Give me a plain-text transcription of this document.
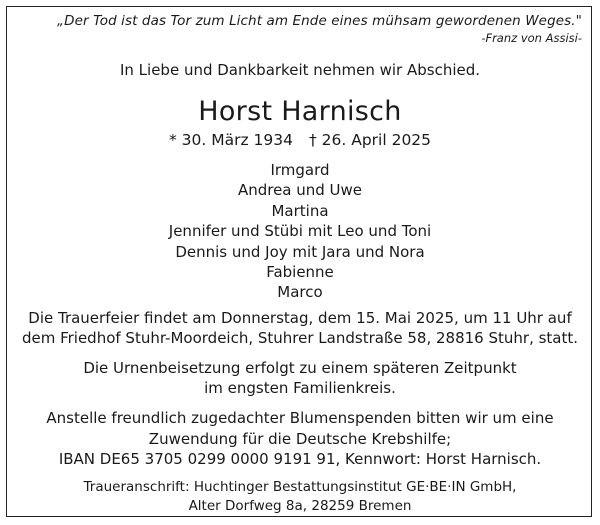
„Der Tod ist das Tor zum Licht am Ende eines mühsam gewordenen Weges."
-Franz von Assisi-
In Liebe und Dankbarkeit nehmen wir Abschied.
Horst Harnisch
* 30. März 1934 † 26. April 2025
Irmgard
Andrea und Uwe
Martina
Jennifer und Stübi mit Leo und Toni
Dennis und Joy mit Jara und Nora
Fabienne
Marco
Die Trauerfeier findet am Donnerstag, dem 15. Mai 2025, um 11 Uhr auf
dem Friedhof Stuhr-Moordeich, Stuhrer Landstraße 58, 28816 Stuhr, statt.
Die Urnenbeisetzung erfolgt zu einem späteren Zeitpunkt
im engsten Familienkreis.
Anstelle freundlich zugedachter Blumenspenden bitten wir um eine
Zuwendung für die Deutsche Krebshilfe;
IBAN DE65 3705 0299 0000 9191 91, Kennwort: Horst Harnisch.
Traueranschrift: Huchtinger Bestattungsinstitut GE·BE·IN GmbH,
Alter Dorfweg 8a, 28259 Bremen
